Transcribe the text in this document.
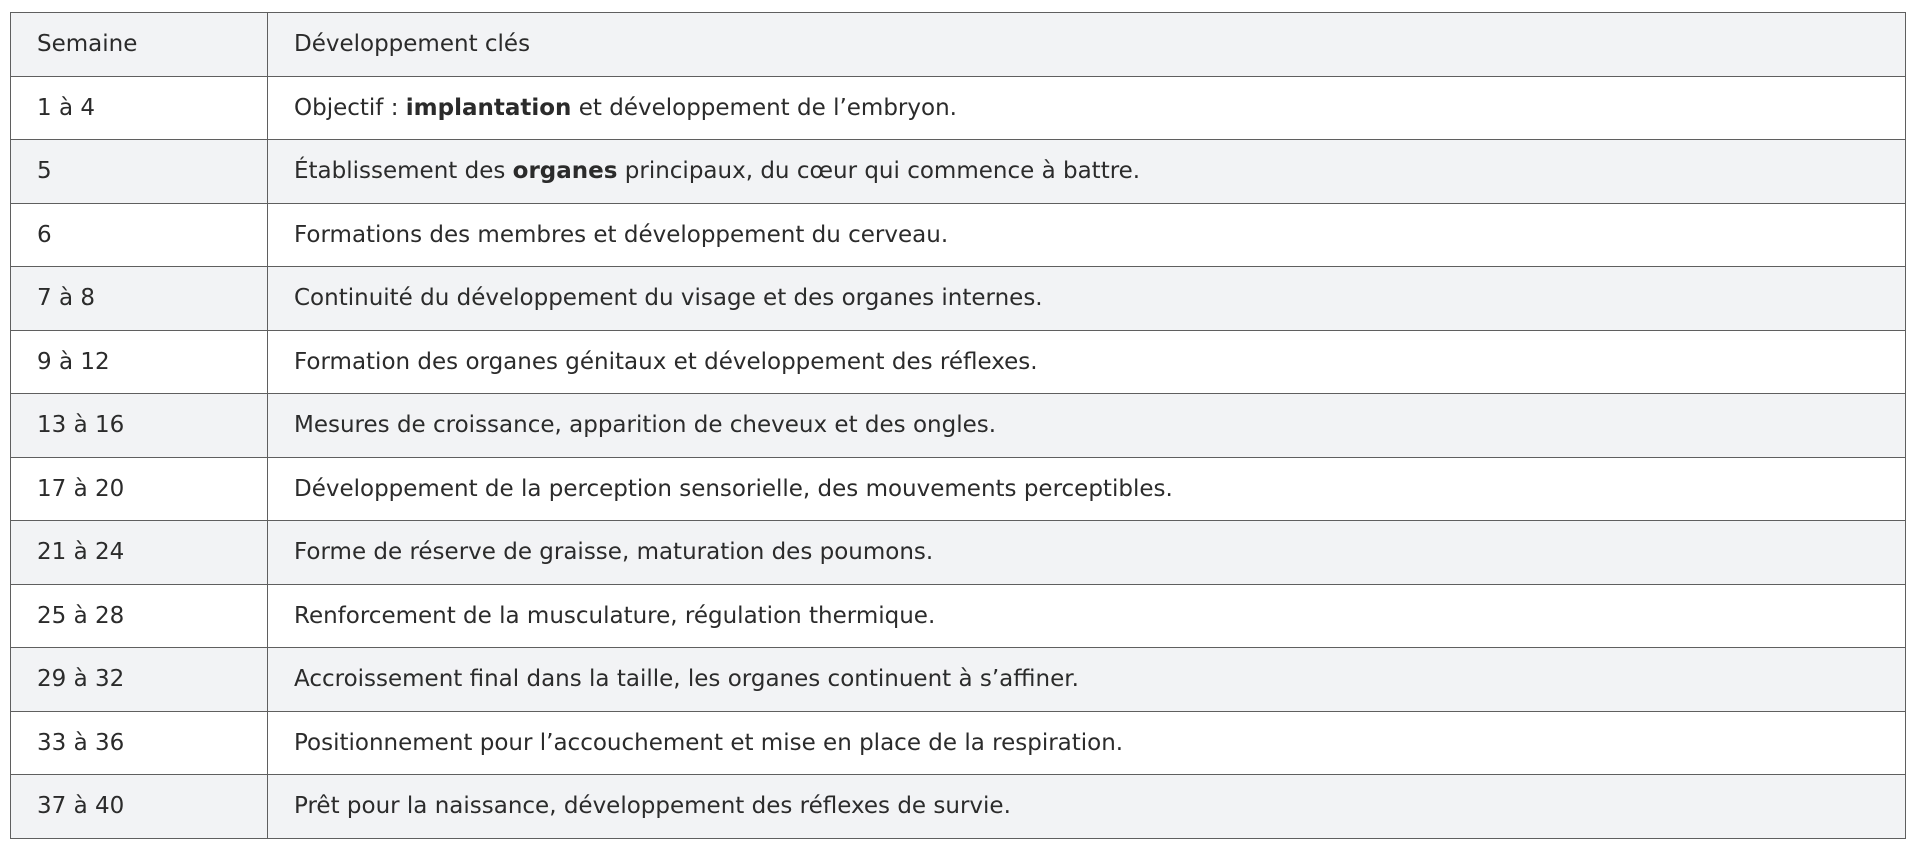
Semaine	Développement clés
1 à 4	Objectif : implantation et développement de l’embryon.
5	Établissement des organes principaux, du cœur qui commence à battre.
6	Formations des membres et développement du cerveau.
7 à 8	Continuité du développement du visage et des organes internes.
9 à 12	Formation des organes génitaux et développement des réflexes.
13 à 16	Mesures de croissance, apparition de cheveux et des ongles.
17 à 20	Développement de la perception sensorielle, des mouvements perceptibles.
21 à 24	Forme de réserve de graisse, maturation des poumons.
25 à 28	Renforcement de la musculature, régulation thermique.
29 à 32	Accroissement final dans la taille, les organes continuent à s’affiner.
33 à 36	Positionnement pour l’accouchement et mise en place de la respiration.
37 à 40	Prêt pour la naissance, développement des réflexes de survie.
